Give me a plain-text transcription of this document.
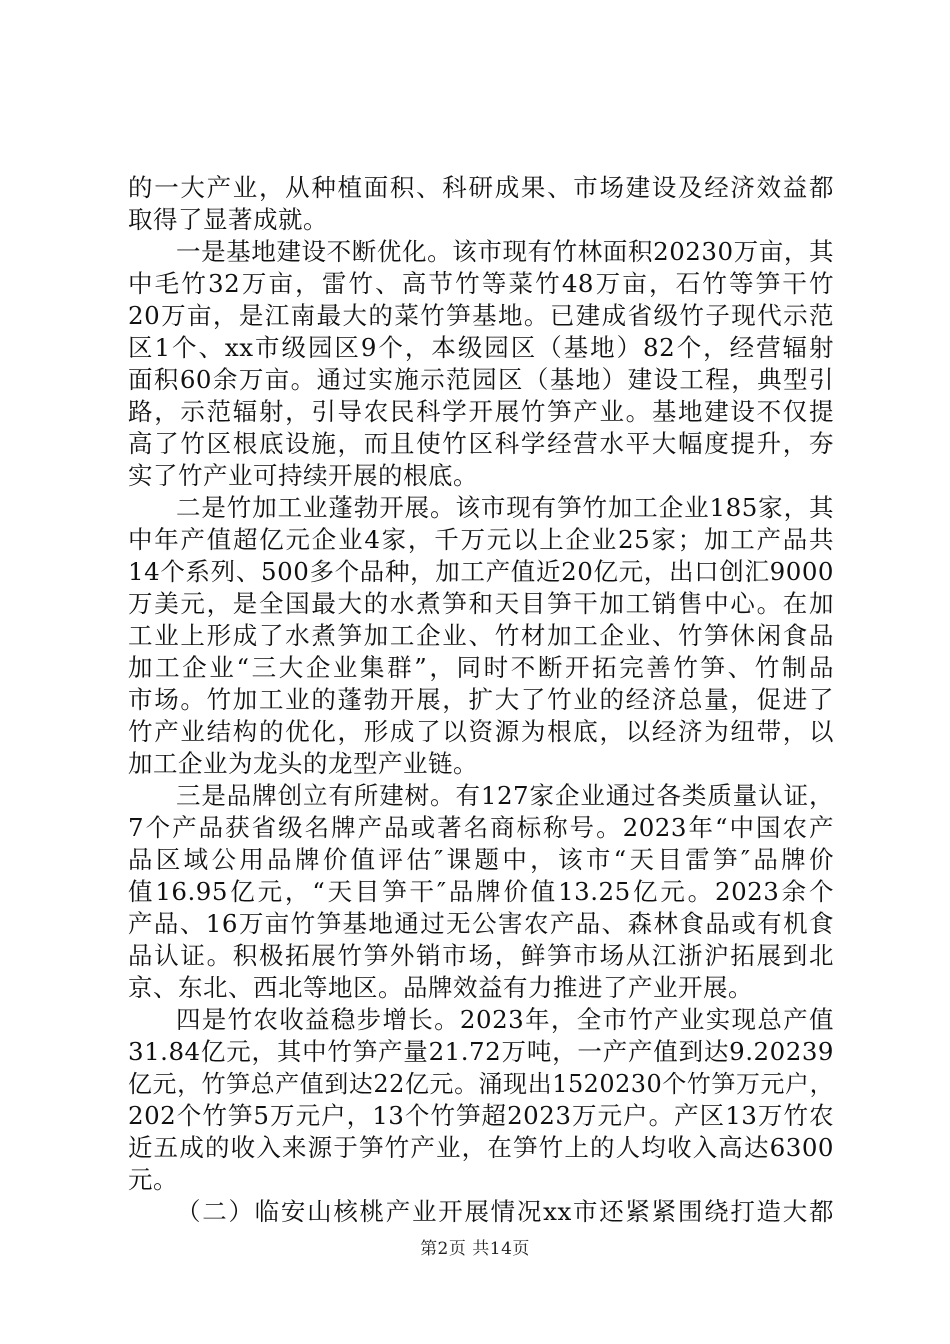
的一大产业，从种植面积、科研成果、市场建设及经济效益都
取得了显著成就。
一是基地建设不断优化。该市现有竹林面积20230万亩，其
中毛竹32万亩，雷竹、高节竹等菜竹48万亩，石竹等笋干竹
20万亩，是江南最大的菜竹笋基地。已建成省级竹子现代示范
区1个、xx市级园区9个，本级园区（基地）82个，经营辐射
面积60余万亩。通过实施示范园区（基地）建设工程，典型引
路，示范辐射，引导农民科学开展竹笋产业。基地建设不仅提
高了竹区根底设施，而且使竹区科学经营水平大幅度提升，夯
实了竹产业可持续开展的根底。
二是竹加工业蓬勃开展。该市现有笋竹加工企业185家，其
中年产值超亿元企业4家，千万元以上企业25家；加工产品共
14个系列、500多个品种，加工产值近20亿元，出口创汇9000
万美元，是全国最大的水煮笋和天目笋干加工销售中心。在加
工业上形成了水煮笋加工企业、竹材加工企业、竹笋休闲食品
加工企业“三大企业集群”，同时不断开拓完善竹笋、竹制品
市场。竹加工业的蓬勃开展，扩大了竹业的经济总量，促进了
竹产业结构的优化，形成了以资源为根底，以经济为纽带，以
加工企业为龙头的龙型产业链。
三是品牌创立有所建树。有127家企业通过各类质量认证，
7个产品获省级名牌产品或著名商标称号。2023年“中国农产
品区域公用品牌价值评估″课题中，该市“天目雷笋″品牌价
值16.95亿元，“天目笋干″品牌价值13.25亿元。2023余个
产品、16万亩竹笋基地通过无公害农产品、森林食品或有机食
品认证。积极拓展竹笋外销市场，鲜笋市场从江浙沪拓展到北
京、东北、西北等地区。品牌效益有力推进了产业开展。
四是竹农收益稳步增长。2023年，全市竹产业实现总产值
31.84亿元，其中竹笋产量21.72万吨，一产产值到达9.20239
亿元，竹笋总产值到达22亿元。涌现出1520230个竹笋万元户，
202个竹笋5万元户，13个竹笋超2023万元户。产区13万竹农
近五成的收入来源于笋竹产业，在笋竹上的人均收入高达6300
元。
（二）临安山核桃产业开展情况xx市还紧紧围绕打造大都
第2页 共14页
